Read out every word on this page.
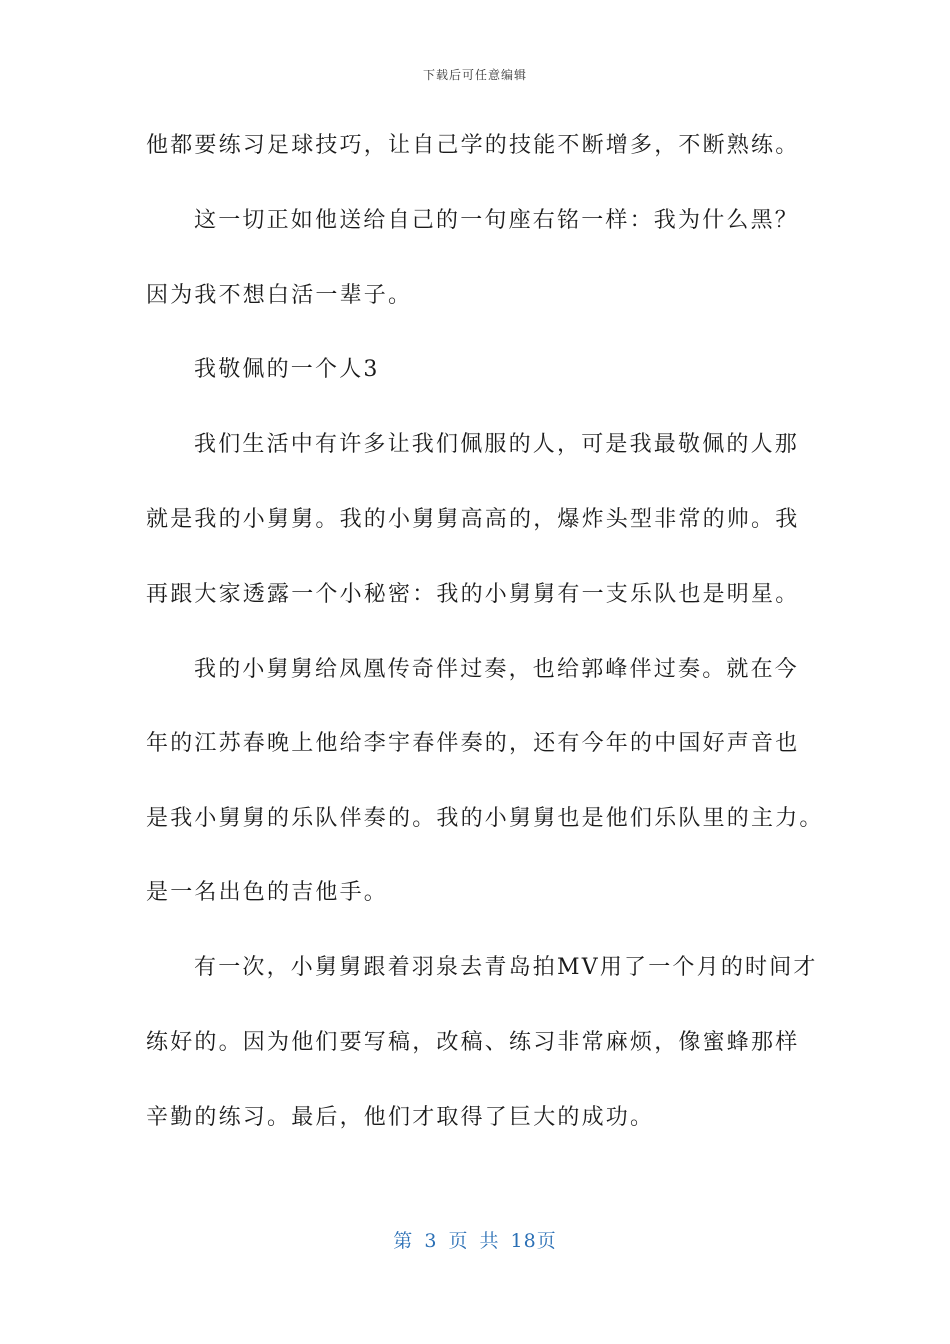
下载后可任意编辑
他都要练习足球技巧，让自己学的技能不断增多，不断熟练。
这一切正如他送给自己的一句座右铭一样：我为什么黑？
因为我不想白活一辈子。
我敬佩的一个人3
我们生活中有许多让我们佩服的人，可是我最敬佩的人那
就是我的小舅舅。我的小舅舅高高的，爆炸头型非常的帅。我
再跟大家透露一个小秘密：我的小舅舅有一支乐队也是明星。
我的小舅舅给凤凰传奇伴过奏，也给郭峰伴过奏。就在今
年的江苏春晚上他给李宇春伴奏的，还有今年的中国好声音也
是我小舅舅的乐队伴奏的。我的小舅舅也是他们乐队里的主力。
是一名出色的吉他手。
有一次，小舅舅跟着羽泉去青岛拍MV用了一个月的时间才
练好的。因为他们要写稿，改稿、练习非常麻烦，像蜜蜂那样
辛勤的练习。最后，他们才取得了巨大的成功。
第 3 页 共 18页
